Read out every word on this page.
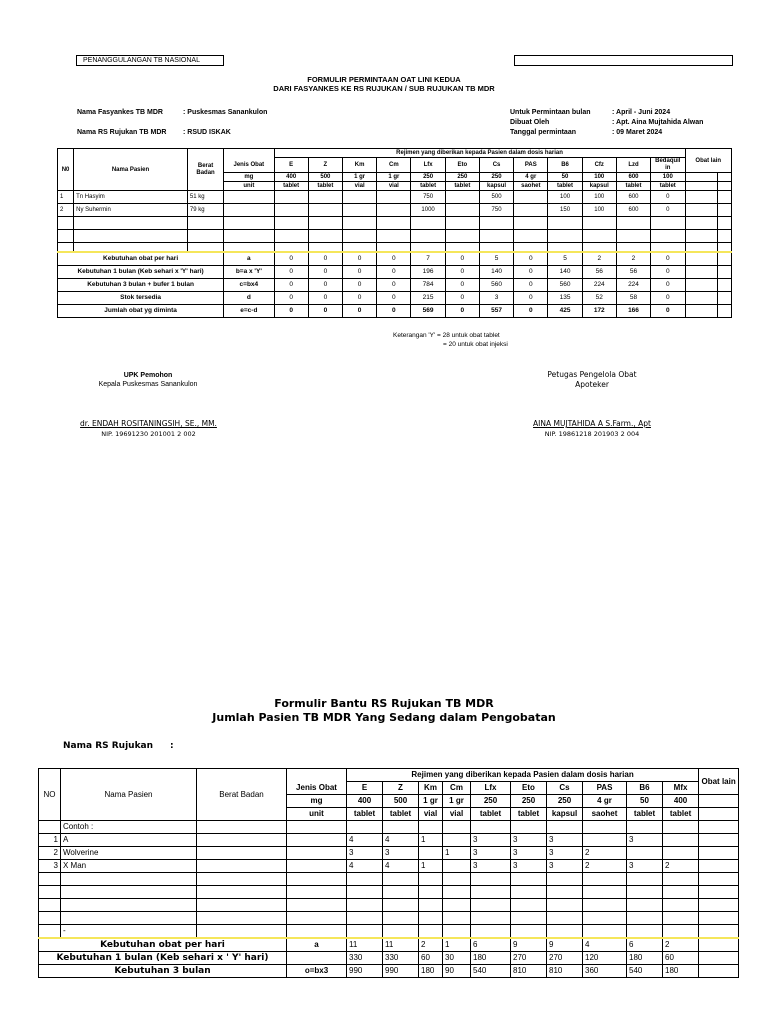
PENANGGULANGAN TB NASIONAL
FORMULIR PERMINTAAN OAT LINI KEDUA
DARI FASYANKES KE RS RUJUKAN / SUB RUJUKAN TB MDR
Nama Fasyankes TB MDR	: Puskesmas Sanankulon
Nama RS Rujukan TB MDR : RSUD ISKAK
Untuk Permintaan bulan	: April - Juni 2024
Dibuat Oleh	: Apt. Aina Mujtahida Alwan
Tanggal permintaan	: 09 Maret 2024
N0	Nama Pasien	Berat Badan		Rejimen yang diberikan kepada Pasien dalam dosis harian												Obat lain	
			Jenis Obat	E	Z	Km	Cm	Lfx	Eto	Cs	PAS	B6	Cfz	Lzd	Bedaquil in		
			mg	400	500	1 gr	1 gr	250	250	250	4 gr	50	100	600	100		
			unit	tablet	tablet	vial	vial	tablet	tablet	kapsul	saohet	tablet	kapsul	tablet	tablet		
1	Tn Hasyim	51 kg						750		500		100	100	600	0		
2	Ny Suhermin	79 kg						1000		750		150	100	600	0		

Kebutuhan obat per hari			a	0	0	0	0	7	0	5	0	5	2	2	0		
Kebutuhan 1 bulan (Keb sehari x 'Y' hari)			b=a x 'Y'	0	0	0	0	196	0	140	0	140	56	56	0		
Kebutuhan 3 bulan + bufer 1 bulan			c=bx4	0	0	0	0	784	0	560	0	560	224	224	0		
Stok tersedia			d	0	0	0	0	215	0	3	0	135	52	58	0		
Jumlah obat yg diminta			e=c-d	0	0	0	0	569	0	557	0	425	172	166	0		
Keterangan 'Y' = 28 untuk obat tablet
= 20 untuk obat injeksi
UPK Pemohon
Kepala Puskesmas Sanankulon
dr. ENDAH ROSITANINGSIH, SE., MM.
NIP. 19691230 201001 2 002
Petugas Pengelola Obat
Apoteker
AINA MUJTAHIDA A S.Farm., Apt
NIP. 19861218 201903 2 004
Formulir Bantu RS Rujukan TB MDR
Jumlah Pasien TB MDR Yang Sedang dalam Pengobatan
Nama RS Rujukan :
NO	Nama Pasien	Berat Badan		Rejimen yang diberikan kepada Pasien dalam dosis harian										Obat lain
			Jenis Obat	E	Z	Km	Cm	Lfx	Eto	Cs	PAS	B6	Mfx	
			mg	400	500	1 gr	1 gr	250	250	250	4 gr	50	400	
			unit	tablet	tablet	vial	vial	tablet	tablet	kapsul	saohet	tablet	tablet	
	Contoh :													
1	A			4	4	1		3	3	3		3		
2	Wolverine			3	3		1	3	3	3	2			
3	X Man			4	4	1		3	3	3	2	3	2	

	-													
Kebutuhan obat per hari			a	11	11	2	1	6	9	9	4	6	2	
Kebutuhan 1 bulan (Keb sehari x ' Y' hari)				330	330	60	30	180	270	270	120	180	60	
Kebutuhan 3 bulan			o=bx3	990	990	180	90	540	810	810	360	540	180	
